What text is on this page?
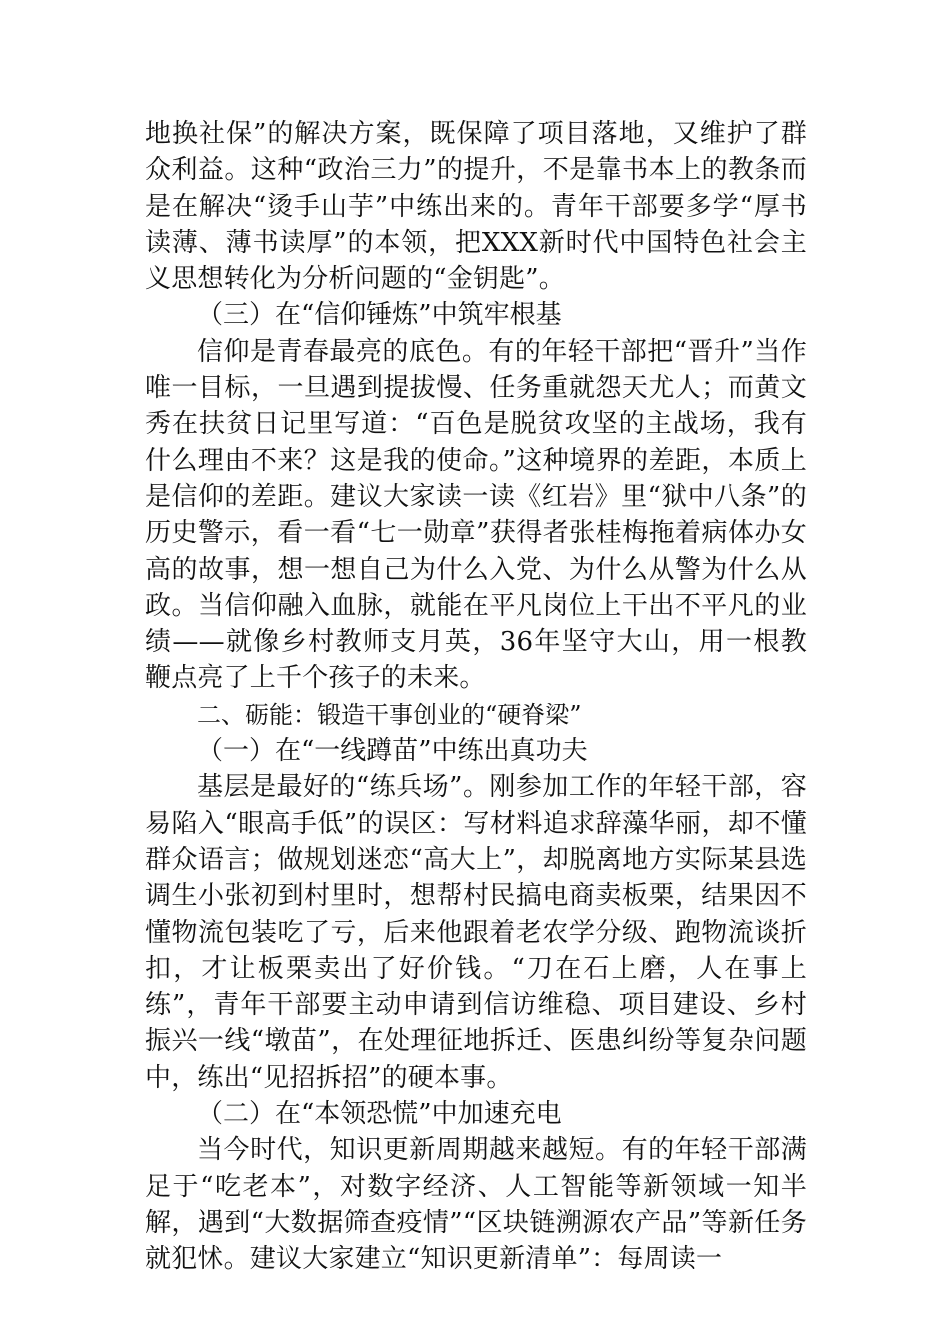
地换社保”的解决方案，既保障了项目落地，又维护了群众利益。这种“政治三力”的提升，不是靠书本上的教条而是在解决“烫手山芋”中练出来的。青年干部要多学“厚书读薄、薄书读厚”的本领，把XXX新时代中国特色社会主义思想转化为分析问题的“金钥匙”。

（三）在“信仰锤炼”中筑牢根基

信仰是青春最亮的底色。有的年轻干部把“晋升”当作唯一目标，一旦遇到提拔慢、任务重就怨天尤人；而黄文秀在扶贫日记里写道：“百色是脱贫攻坚的主战场，我有什么理由不来？这是我的使命。”这种境界的差距，本质上是信仰的差距。建议大家读一读《红岩》里“狱中八条”的历史警示，看一看“七一勋章”获得者张桂梅拖着病体办女高的故事，想一想自己为什么入党、为什么从警为什么从政。当信仰融入血脉，就能在平凡岗位上干出不平凡的业绩——就像乡村教师支月英，36年坚守大山，用一根教鞭点亮了上千个孩子的未来。

二、砺能：锻造干事创业的“硬脊梁”

（一）在“一线蹲苗”中练出真功夫

基层是最好的“练兵场”。刚参加工作的年轻干部，容易陷入“眼高手低”的误区：写材料追求辞藻华丽，却不懂群众语言；做规划迷恋“高大上”，却脱离地方实际某县选调生小张初到村里时，想帮村民搞电商卖板栗，结果因不懂物流包装吃了亏，后来他跟着老农学分级、跑物流谈折扣，才让板栗卖出了好价钱。“刀在石上磨，人在事上练”，青年干部要主动申请到信访维稳、项目建设、乡村振兴一线“墩苗”，在处理征地拆迁、医患纠纷等复杂问题中，练出“见招拆招”的硬本事。

（二）在“本领恐慌”中加速充电

当今时代，知识更新周期越来越短。有的年轻干部满足于“吃老本”，对数字经济、人工智能等新领域一知半解，遇到“大数据筛查疫情”“区块链溯源农产品”等新任务就犯怵。建议大家建立“知识更新清单”：每周读一
